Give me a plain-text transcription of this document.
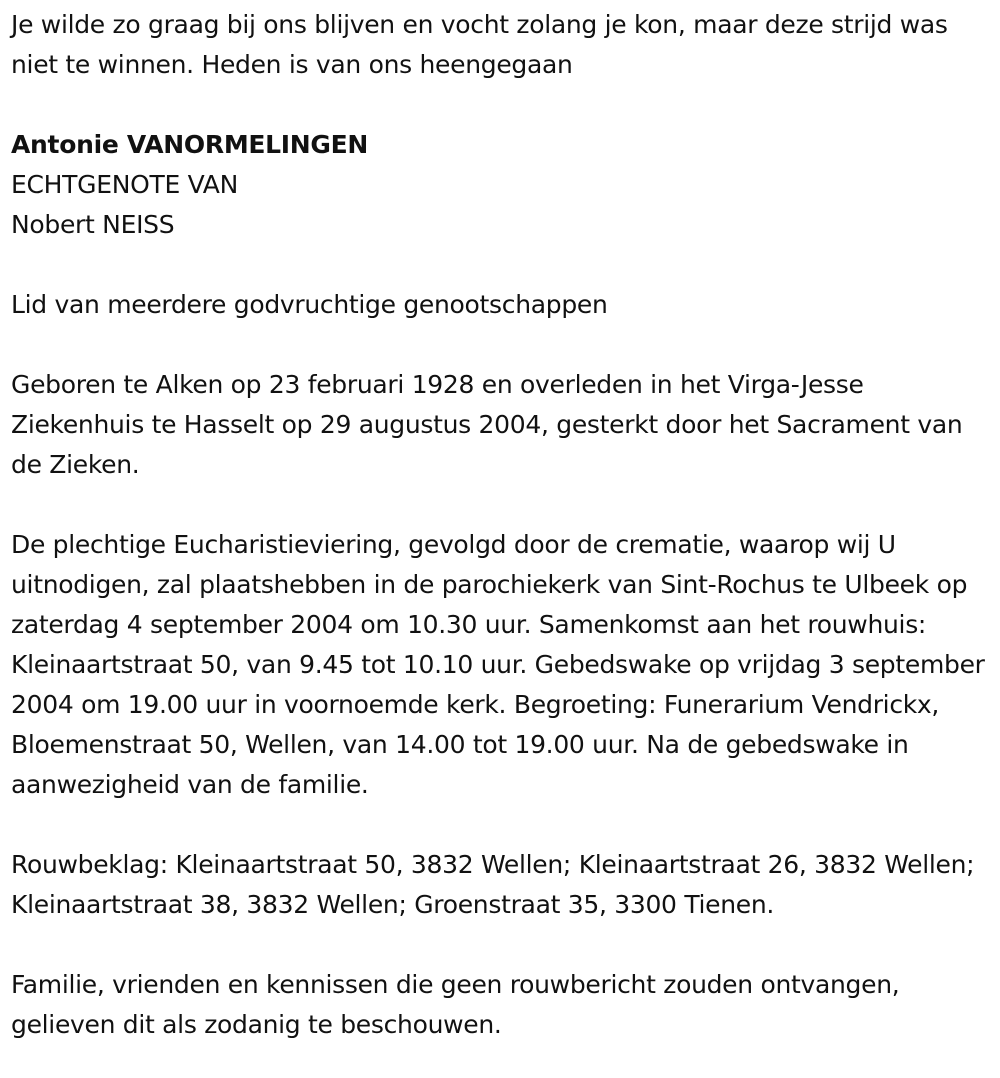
Je wilde zo graag bij ons blijven en vocht zolang je kon, maar deze strijd was niet te winnen. Heden is van ons heengegaan

Antonie VANORMELINGEN

ECHTGENOTE VAN

Nobert NEISS

Lid van meerdere godvruchtige genootschappen

Geboren te Alken op 23 februari 1928 en overleden in het Virga-Jesse Ziekenhuis te Hasselt op 29 augustus 2004, gesterkt door het Sacrament van de Zieken.

De plechtige Eucharistieviering, gevolgd door de crematie, waarop wij U uitnodigen, zal plaatshebben in de parochiekerk van Sint-Rochus te Ulbeek op zaterdag 4 september 2004 om 10.30 uur. Samenkomst aan het rouwhuis: Kleinaartstraat 50, van 9.45 tot 10.10 uur. Gebedswake op vrijdag 3 september 2004 om 19.00 uur in voornoemde kerk. Begroeting: Funerarium Vendrickx, Bloemenstraat 50, Wellen, van 14.00 tot 19.00 uur. Na de gebedswake in aanwezigheid van de familie.

Rouwbeklag: Kleinaartstraat 50, 3832 Wellen; Kleinaartstraat 26, 3832 Wellen; Kleinaartstraat 38, 3832 Wellen; Groenstraat 35, 3300 Tienen.

Familie, vrienden en kennissen die geen rouwbericht zouden ontvangen, gelieven dit als zodanig te beschouwen.
